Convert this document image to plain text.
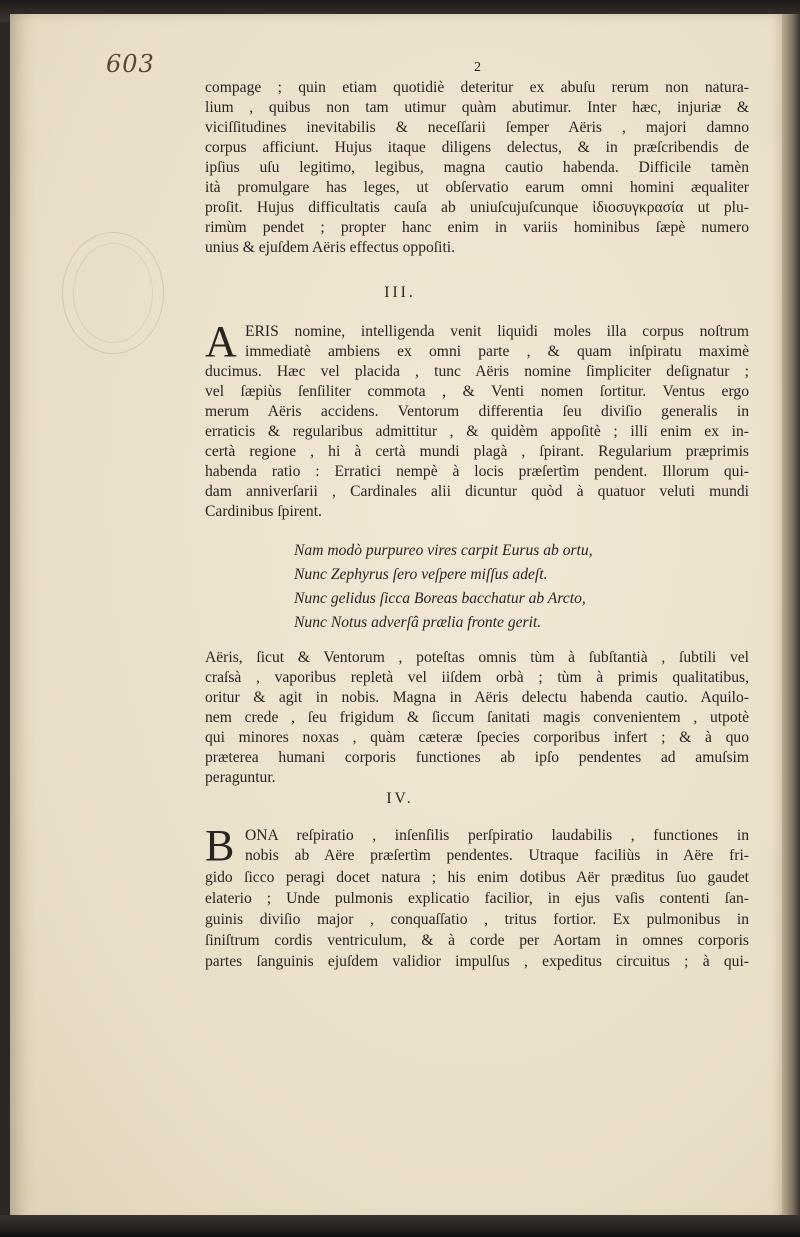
603	2
compage ; quin etiam quotidiè deteritur ex abuſu rerum non natura-
lium , quibus non tam utimur quàm abutimur. Inter hæc, injuriæ &
viciſſitudines inevitabilis & neceſſarii ſemper Aëris , majori damno
corpus afficiunt. Hujus itaque diligens delectus, & in præſcribendis de
ipſius uſu legitimo, legibus, magna cautio habenda. Difficile tamèn
ità promulgare has leges, ut obſervatio earum omni homini æqualiter
proſit. Hujus difficultatis cauſa ab uniuſcujuſcunque ἰδιοσυγκρασία ut plu-
rimùm pendet ; propter hanc enim in variis hominibus ſæpè numero
unius & ejuſdem Aëris effectus oppoſiti.
III.
A ERIS nomine, intelligenda venit liquidi moles illa corpus noſtrum
immediatè ambiens ex omni parte , & quam inſpiratu maximè
ducimus. Hæc vel placida , tunc Aëris nomine ſimpliciter deſignatur ;
vel ſæpiùs ſenſiliter commota , & Venti nomen ſortitur. Ventus ergo
merum Aëris accidens. Ventorum differentia ſeu diviſio generalis in
erraticis & regularibus admittitur , & quidèm appoſitè ; illi enim ex in-
certà regione , hi à certà mundi plagà , ſpirant. Regularium præprimis
habenda ratio : Erratici nempè à locis præſertìm pendent. Illorum qui-
dam anniverſarii , Cardinales alii dicuntur quòd à quatuor veluti mundi
Cardinibus ſpirent.
Nam modò purpureo vires carpit Eurus ab ortu,
Nunc Zephyrus ſero veſpere miſſus adeſt.
Nunc gelidus ſicca Boreas bacchatur ab Arcto,
Nunc Notus adverſâ prælia fronte gerit.
Aëris, ſicut & Ventorum , poteſtas omnis tùm à ſubſtantià , ſubtili vel
craſsà , vaporibus repletà vel iiſdem orbà ; tùm à primis qualitatibus,
oritur & agit in nobis. Magna in Aëris delectu habenda cautio. Aquilo-
nem crede , ſeu frigidum & ſiccum ſanitati magis convenientem , utpotè
qui minores noxas , quàm cæteræ ſpecies corporibus infert ; & à quo
præterea humani corporis functiones ab ipſo pendentes ad amuſsim
peraguntur.
IV.
B ONA reſpiratio , inſenſilis perſpiratio laudabilis , functiones in
nobis ab Aëre præſertìm pendentes. Utraque faciliùs in Aëre fri-
gido ſicco peragi docet natura ; his enim dotibus Aër præditus ſuo gaudet
elaterio ; Unde pulmonis explicatio facilior, in ejus vaſis contenti ſan-
guinis diviſio major , conquaſſatio , tritus fortior. Ex pulmonibus in
ſiniſtrum cordis ventriculum, & à corde per Aortam in omnes corporis
partes ſanguinis ejuſdem validior impulſus , expeditus circuitus ; à qui-
